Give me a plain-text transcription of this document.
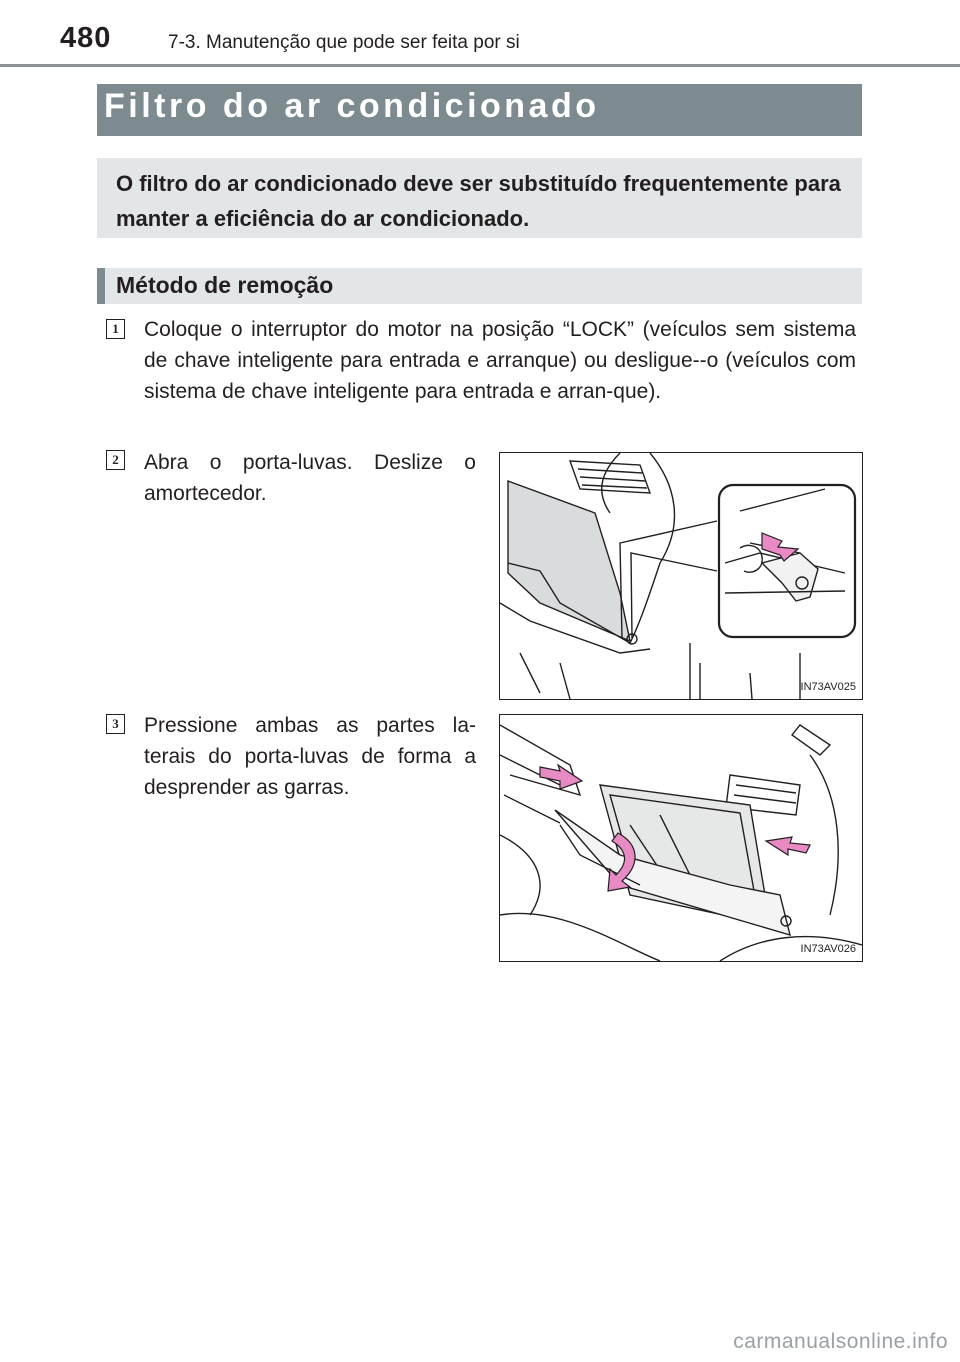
480	7-3. Manutenção que pode ser feita por si
Filtro do ar condicionado
O filtro do ar condicionado deve ser substituído frequentemente para manter a eficiência do ar condicionado.
Método de remoção
1 Coloque o interruptor do motor na posição “LOCK” (veículos sem sistema de chave inteligente para entrada e arranque) ou desligue--o (veículos com sistema de chave inteligente para entrada e arran-que).
2 Abra o porta-luvas. Deslize o amortecedor.
IN73AV025
3 Pressione ambas as partes la-terais do porta-luvas de forma a desprender as garras.
IN73AV026
carmanualsonline.info
